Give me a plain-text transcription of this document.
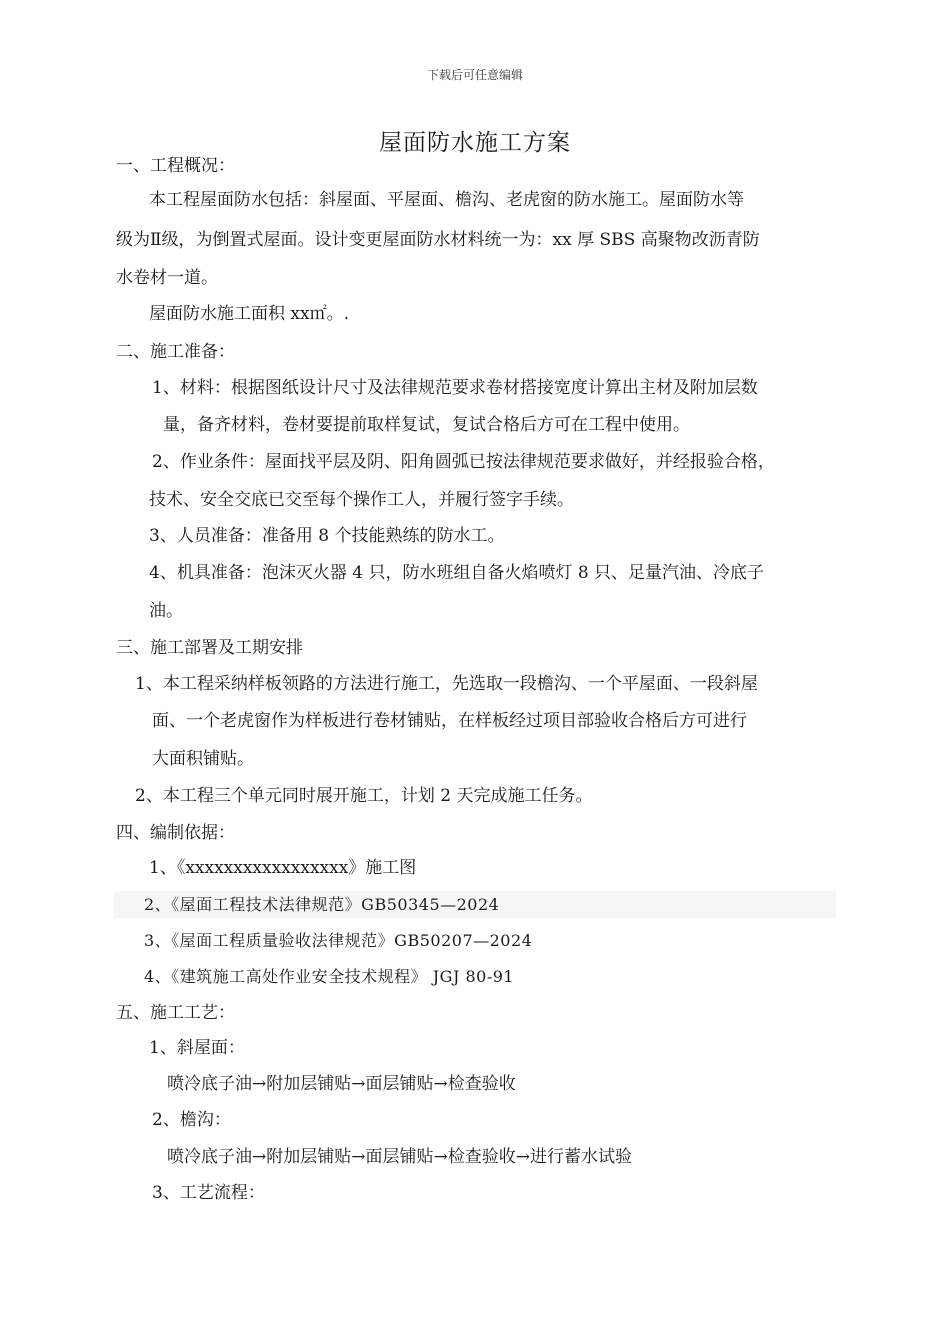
下载后可任意编辑
屋面防水施工方案
一、工程概况：
本工程屋面防水包括：斜屋面、平屋面、檐沟、老虎窗的防水施工。屋面防水等
级为Ⅱ级，为倒置式屋面。设计变更屋面防水材料统一为：xx 厚 SBS 高聚物改沥青防
水卷材一道。
屋面防水施工面积 xx㎡。.
二、施工准备：
1、材料：根据图纸设计尺寸及法律规范要求卷材搭接宽度计算出主材及附加层数
量，备齐材料，卷材要提前取样复试，复试合格后方可在工程中使用。
2、作业条件：屋面找平层及阴、阳角圆弧已按法律规范要求做好，并经报验合格，
技术、安全交底已交至每个操作工人，并履行签字手续。
3、人员准备：准备用 8 个技能熟练的防水工。
4、机具准备：泡沫灭火器 4 只，防水班组自备火焰喷灯 8 只、足量汽油、冷底子
油。
三、施工部署及工期安排
1、本工程采纳样板领路的方法进行施工，先选取一段檐沟、一个平屋面、一段斜屋
面、一个老虎窗作为样板进行卷材铺贴，在样板经过项目部验收合格后方可进行
大面积铺贴。
2、本工程三个单元同时展开施工，计划 2 天完成施工任务。
四、编制依据：
1、《xxxxxxxxxxxxxxxxx》施工图
2、《屋面工程技术法律规范》GB50345—2024
3、《屋面工程质量验收法律规范》GB50207—2024
4、《建筑施工高处作业安全技术规程》 JGJ 80-91
五、施工工艺：
1、斜屋面：
喷冷底子油→附加层铺贴→面层铺贴→检查验收
2、檐沟：
喷冷底子油→附加层铺贴→面层铺贴→检查验收→进行蓄水试验
3、工艺流程：
